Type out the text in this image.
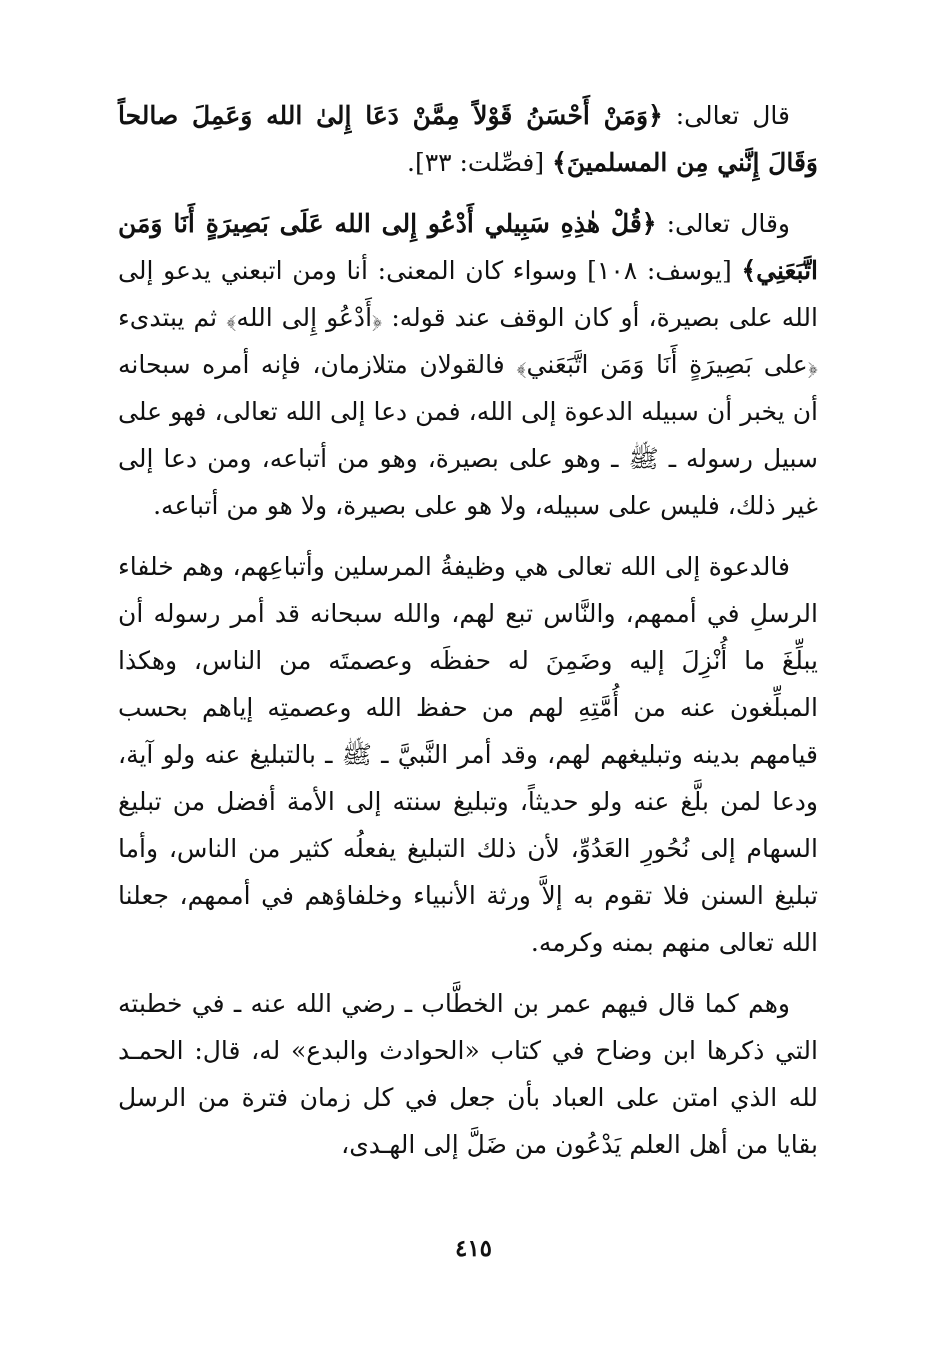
قال تعالى: ﴿وَمَنْ أَحْسَنُ قَوْلاً مِمَّنْ دَعَا إِلىٰ الله وَعَمِلَ صالحاً وَقَالَ إِنَّني مِن المسلمينَ﴾ [فصِّلت: ٣٣].

وقال تعالى: ﴿قُلْ هٰذِهِ سَبِيلي أَدْعُو إِلى الله عَلَى بَصِيرَةٍ أَنَا وَمَن اتَّبَعَنِي﴾ [يوسف: ١٠٨] وسواء كان المعنى: أنا ومن اتبعني يدعو إلى الله على بصيرة، أو كان الوقف عند قوله: ﴿أَدْعُو إِلى الله﴾ ثم يبتدىء ﴿على بَصِيرَةٍ أَنَا وَمَن اتَّبَعَني﴾ فالقولان متلازمان، فإنه أمره سبحانه أن يخبر أن سبيله الدعوة إلى الله، فمن دعا إلى الله تعالى، فهو على سبيل رسوله ـ ﷺ ـ وهو على بصيرة، وهو من أتباعه، ومن دعا إلى غير ذلك، فليس على سبيله، ولا هو على بصيرة، ولا هو من أتباعه.

فالدعوة إلى الله تعالى هي وظيفةُ المرسلين وأتباعِهم، وهم خلفاء الرسلِ في أممهم، والنَّاس تبع لهم، والله سبحانه قد أمر رسوله أن يبلِّغَ ما أُنْزِلَ إليه وضَمِنَ له حفظَه وعصمتَه من الناس، وهكذا المبلِّغون عنه من أُمَّتِهِ لهم من حفظ الله وعصمتِه إياهم بحسب قيامهم بدينه وتبليغهم لهم، وقد أمر النَّبيَّ ـ ﷺ ـ بالتبليغ عنه ولو آية، ودعا لمن بلَّغ عنه ولو حديثاً، وتبليغ سنته إلى الأمة أفضل من تبليغ السهام إلى نُحُورِ العَدُوِّ، لأن ذلك التبليغ يفعلُه كثير من الناس، وأما تبليغ السنن فلا تقوم به إلاَّ ورثة الأنبياء وخلفاؤهم في أممهم، جعلنا الله تعالى منهم بمنه وكرمه.

وهم كما قال فيهم عمر بن الخطَّاب ـ رضي الله عنه ـ في خطبته التي ذكرها ابن وضاح في كتاب «الحوادث والبدع» له، قال: الحمـد لله الذي امتن على العباد بأن جعل في كل زمان فترة من الرسل بقايا من أهل العلم يَدْعُون من ضَلَّ إلى الهـدى،

٤١٥
